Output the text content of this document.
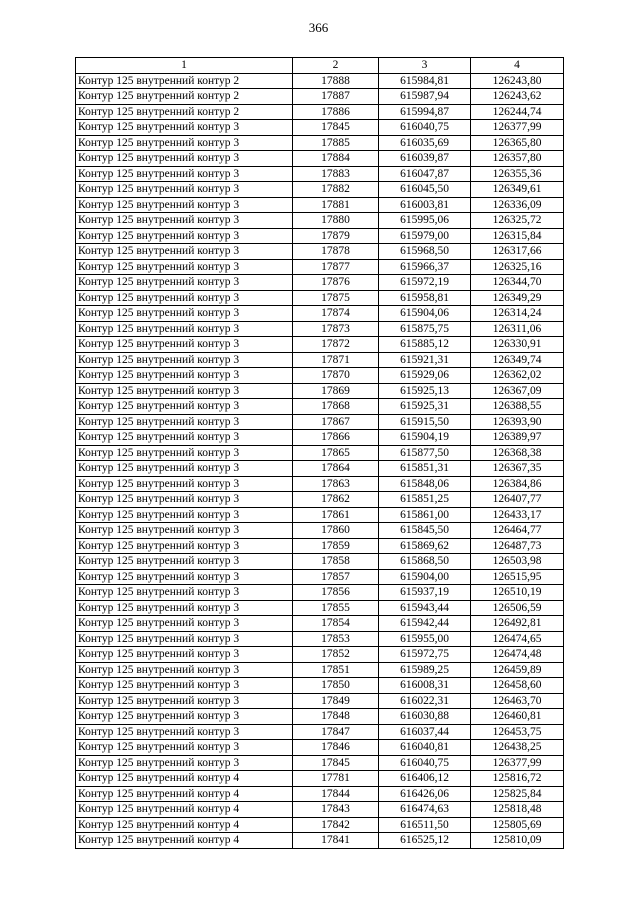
366
1	2	3	4
Контур 125 внутренний контур 2	17888	615984,81	126243,80
Контур 125 внутренний контур 2	17887	615987,94	126243,62
Контур 125 внутренний контур 2	17886	615994,87	126244,74
Контур 125 внутренний контур 3	17845	616040,75	126377,99
Контур 125 внутренний контур 3	17885	616035,69	126365,80
Контур 125 внутренний контур 3	17884	616039,87	126357,80
Контур 125 внутренний контур 3	17883	616047,87	126355,36
Контур 125 внутренний контур 3	17882	616045,50	126349,61
Контур 125 внутренний контур 3	17881	616003,81	126336,09
Контур 125 внутренний контур 3	17880	615995,06	126325,72
Контур 125 внутренний контур 3	17879	615979,00	126315,84
Контур 125 внутренний контур 3	17878	615968,50	126317,66
Контур 125 внутренний контур 3	17877	615966,37	126325,16
Контур 125 внутренний контур 3	17876	615972,19	126344,70
Контур 125 внутренний контур 3	17875	615958,81	126349,29
Контур 125 внутренний контур 3	17874	615904,06	126314,24
Контур 125 внутренний контур 3	17873	615875,75	126311,06
Контур 125 внутренний контур 3	17872	615885,12	126330,91
Контур 125 внутренний контур 3	17871	615921,31	126349,74
Контур 125 внутренний контур 3	17870	615929,06	126362,02
Контур 125 внутренний контур 3	17869	615925,13	126367,09
Контур 125 внутренний контур 3	17868	615925,31	126388,55
Контур 125 внутренний контур 3	17867	615915,50	126393,90
Контур 125 внутренний контур 3	17866	615904,19	126389,97
Контур 125 внутренний контур 3	17865	615877,50	126368,38
Контур 125 внутренний контур 3	17864	615851,31	126367,35
Контур 125 внутренний контур 3	17863	615848,06	126384,86
Контур 125 внутренний контур 3	17862	615851,25	126407,77
Контур 125 внутренний контур 3	17861	615861,00	126433,17
Контур 125 внутренний контур 3	17860	615845,50	126464,77
Контур 125 внутренний контур 3	17859	615869,62	126487,73
Контур 125 внутренний контур 3	17858	615868,50	126503,98
Контур 125 внутренний контур 3	17857	615904,00	126515,95
Контур 125 внутренний контур 3	17856	615937,19	126510,19
Контур 125 внутренний контур 3	17855	615943,44	126506,59
Контур 125 внутренний контур 3	17854	615942,44	126492,81
Контур 125 внутренний контур 3	17853	615955,00	126474,65
Контур 125 внутренний контур 3	17852	615972,75	126474,48
Контур 125 внутренний контур 3	17851	615989,25	126459,89
Контур 125 внутренний контур 3	17850	616008,31	126458,60
Контур 125 внутренний контур 3	17849	616022,31	126463,70
Контур 125 внутренний контур 3	17848	616030,88	126460,81
Контур 125 внутренний контур 3	17847	616037,44	126453,75
Контур 125 внутренний контур 3	17846	616040,81	126438,25
Контур 125 внутренний контур 3	17845	616040,75	126377,99
Контур 125 внутренний контур 4	17781	616406,12	125816,72
Контур 125 внутренний контур 4	17844	616426,06	125825,84
Контур 125 внутренний контур 4	17843	616474,63	125818,48
Контур 125 внутренний контур 4	17842	616511,50	125805,69
Контур 125 внутренний контур 4	17841	616525,12	125810,09
